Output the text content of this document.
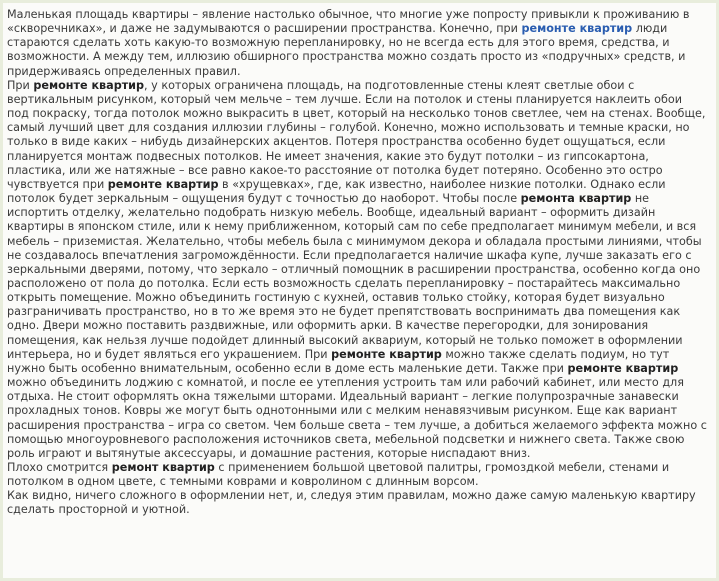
Маленькая площадь квартиры – явление настолько обычное, что многие уже попросту привыкли к проживанию в «скворечниках», и даже не задумываются о расширении пространства. Конечно, при ремонте квартир люди стараются сделать хоть какую-то возможную перепланировку, но не всегда есть для этого время, средства, и возможности. А между тем, иллюзию обширного пространства можно создать просто из «подручных» средств, и придерживаясь определенных правил.

При ремонте квартир, у которых ограничена площадь, на подготовленные стены клеят светлые обои с вертикальным рисунком, который чем мельче – тем лучше. Если на потолок и стены планируется наклеить обои под покраску, тогда потолок можно выкрасить в цвет, который на несколько тонов светлее, чем на стенах. Вообще, самый лучший цвет для создания иллюзии глубины – голубой. Конечно, можно использовать и темные краски, но только в виде каких – нибудь дизайнерских акцентов. Потеря пространства особенно будет ощущаться, если планируется монтаж подвесных потолков. Не имеет значения, какие это будут потолки – из гипсокартона, пластика, или же натяжные – все равно какое-то расстояние от потолка будет потеряно. Особенно это остро чувствуется при ремонте квартир в «хрущевках», где, как известно, наиболее низкие потолки. Однако если потолок будет зеркальным – ощущения будут с точностью до наоборот. Чтобы после ремонта квартир не испортить отделку, желательно подобрать низкую мебель. Вообще, идеальный вариант – оформить дизайн квартиры в японском стиле, или к нему приближенном, который сам по себе предполагает минимум мебели, и вся мебель – приземистая. Желательно, чтобы мебель была с минимумом декора и обладала простыми линиями, чтобы не создавалось впечатления загромождённости. Если предполагается наличие шкафа купе, лучше заказать его с зеркальными дверями, потому, что зеркало – отличный помощник в расширении пространства, особенно когда оно расположено от пола до потолка. Если есть возможность сделать перепланировку – постарайтесь максимально открыть помещение. Можно объединить гостиную с кухней, оставив только стойку, которая будет визуально разграничивать пространство, но в то же время это не будет препятствовать воспринимать два помещения как одно. Двери можно поставить раздвижные, или оформить арки. В качестве перегородки, для зонирования помещения, как нельзя лучше подойдет длинный высокий аквариум, который не только поможет в оформлении интерьера, но и будет являться его украшением. При ремонте квартир можно также сделать подиум, но тут нужно быть особенно внимательным, особенно если в доме есть маленькие дети. Также при ремонте квартир можно объединить лоджию с комнатой, и после ее утепления устроить там или рабочий кабинет, или место для отдыха. Не стоит оформлять окна тяжелыми шторами. Идеальный вариант – легкие полупрозрачные занавески прохладных тонов. Ковры же могут быть однотонными или с мелким ненавязчивым рисунком. Еще как вариант расширения пространства – игра со светом. Чем больше света – тем лучше, а добиться желаемого эффекта можно с помощью многоуровневого расположения источников света, мебельной подсветки и нижнего света. Также свою роль играют и вытянутые аксессуары, и домашние растения, которые ниспадают вниз.

Плохо смотрится ремонт квартир с применением большой цветовой палитры, громоздкой мебели, стенами и потолком в одном цвете, с темными коврами и ковролином с длинным ворсом.

Как видно, ничего сложного в оформлении нет, и, следуя этим правилам, можно даже самую маленькую квартиру сделать просторной и уютной.
